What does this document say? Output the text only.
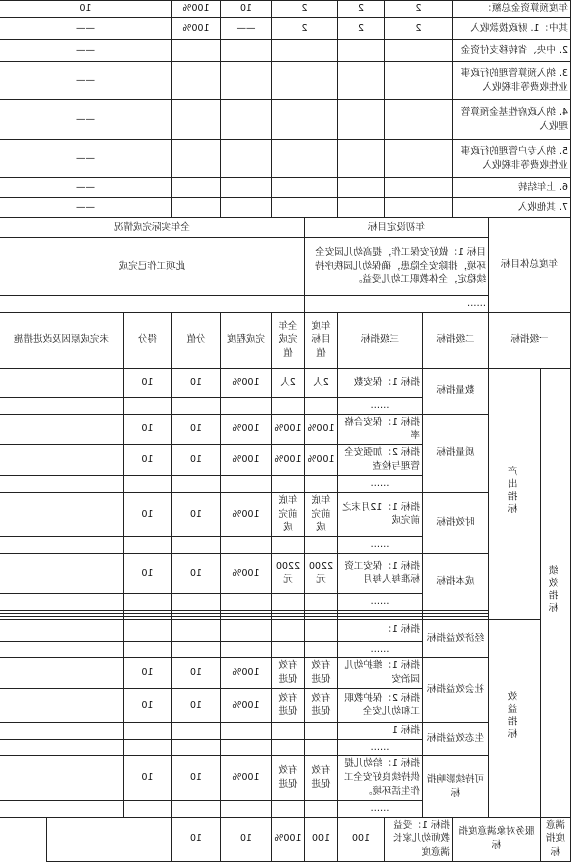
年度预算资金总额：			2		2	2		10	100%	10	
其中：1. 财政拨款收入			2		2	2		——	100%	——	
2. 中央、省转移支付资金										——	
3. 纳入预算管理的行政事业性收费等非税收入										——	
4. 纳入政府性基金预算管理收入										——	
5. 纳入专户管理的行政事业性收费等非税收入										——	
6. 上年结转										——	
7. 其他收入										——	
年度总体目标		年初设定目标					全年实际完成情况				
		目标 1：做好安保工作，提高幼儿园安全环境，排除安全隐患，确保幼儿园秩序持续稳定，全体教职工幼儿受益。					此项工作已完成				
		……									
一级指标		二级指标		三级指标		年度目标值	全年完成值	完成程度	分值	得分	未完成原因及改进措施
绩效指标	产出指标	数量指标		指标 1：保安数		2人	2人	100%	10	10	
				……							
		质量指标		指标 1：保安合格率		100%	100%	100%	10	10	
				指标 2：加强安全管理与检查		100%	100%	100%	10	10	
				……							
		时效指标		指标 1：12月末之前完成		年底前完成	年底前完成	100%	10	10	
				……							
		成本指标		指标 1：保安工资标准每人每月		2200元	2200元	100%	10	10	
				……							

	效益指标	经济效益指标		指标 1：							
				……							
		社会效益指标		指标 1：维护幼儿园治安		有效促进	有效促进	100%	10	10	
				指标 2：保护教职工和幼儿安全		有效促进	有效促进	100%	10	10	
		生态效益指标		指标 1							
				……							
		可持续影响指标		指标 1：给幼儿提供持续良好安全工作生活环境。		有效促进	有效促进	100%	10	10	
				……							
满意度指标	服务对象满意度指标		指标 1：受益教师幼儿家长满意度		100	100	100%	10	10		
